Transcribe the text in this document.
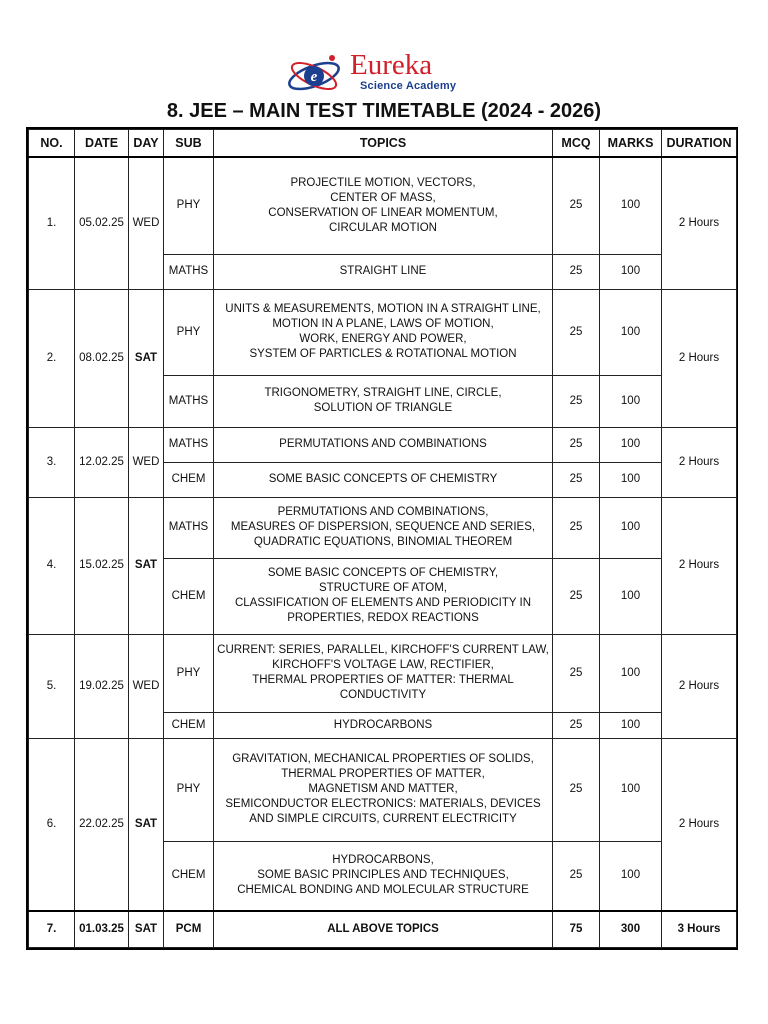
e Eureka
Science Academy
8. JEE – MAIN TEST TIMETABLE (2024 - 2026)
NO.	DATE	DAY	SUB	TOPICS	MCQ	MARKS	DURATION
1.	05.02.25	WED	PHY	PROJECTILE MOTION, VECTORS,
CENTER OF MASS,
CONSERVATION OF LINEAR MOMENTUM,
CIRCULAR MOTION	25	100	2 Hours
			MATHS	STRAIGHT LINE	25	100	
2.	08.02.25	SAT	PHY	UNITS & MEASUREMENTS, MOTION IN A STRAIGHT LINE,
MOTION IN A PLANE, LAWS OF MOTION,
WORK, ENERGY AND POWER,
SYSTEM OF PARTICLES & ROTATIONAL MOTION	25	100	2 Hours
			MATHS	TRIGONOMETRY, STRAIGHT LINE, CIRCLE,
SOLUTION OF TRIANGLE	25	100	
3.	12.02.25	WED	MATHS	PERMUTATIONS AND COMBINATIONS	25	100	2 Hours
			CHEM	SOME BASIC CONCEPTS OF CHEMISTRY	25	100	
4.	15.02.25	SAT	MATHS	PERMUTATIONS AND COMBINATIONS,
MEASURES OF DISPERSION, SEQUENCE AND SERIES,
QUADRATIC EQUATIONS, BINOMIAL THEOREM	25	100	2 Hours
			CHEM	SOME BASIC CONCEPTS OF CHEMISTRY,
STRUCTURE OF ATOM,
CLASSIFICATION OF ELEMENTS AND PERIODICITY IN
PROPERTIES, REDOX REACTIONS	25	100	
5.	19.02.25	WED	PHY	CURRENT: SERIES, PARALLEL, KIRCHOFF'S CURRENT LAW,
KIRCHOFF'S VOLTAGE LAW, RECTIFIER,
THERMAL PROPERTIES OF MATTER: THERMAL
CONDUCTIVITY	25	100	2 Hours
			CHEM	HYDROCARBONS	25	100	
6.	22.02.25	SAT	PHY	GRAVITATION, MECHANICAL PROPERTIES OF SOLIDS,
THERMAL PROPERTIES OF MATTER,
MAGNETISM AND MATTER,
SEMICONDUCTOR ELECTRONICS: MATERIALS, DEVICES
AND SIMPLE CIRCUITS, CURRENT ELECTRICITY	25	100	2 Hours
			CHEM	HYDROCARBONS,
SOME BASIC PRINCIPLES AND TECHNIQUES,
CHEMICAL BONDING AND MOLECULAR STRUCTURE	25	100	
7.	01.03.25	SAT	PCM	ALL ABOVE TOPICS	75	300	3 Hours
